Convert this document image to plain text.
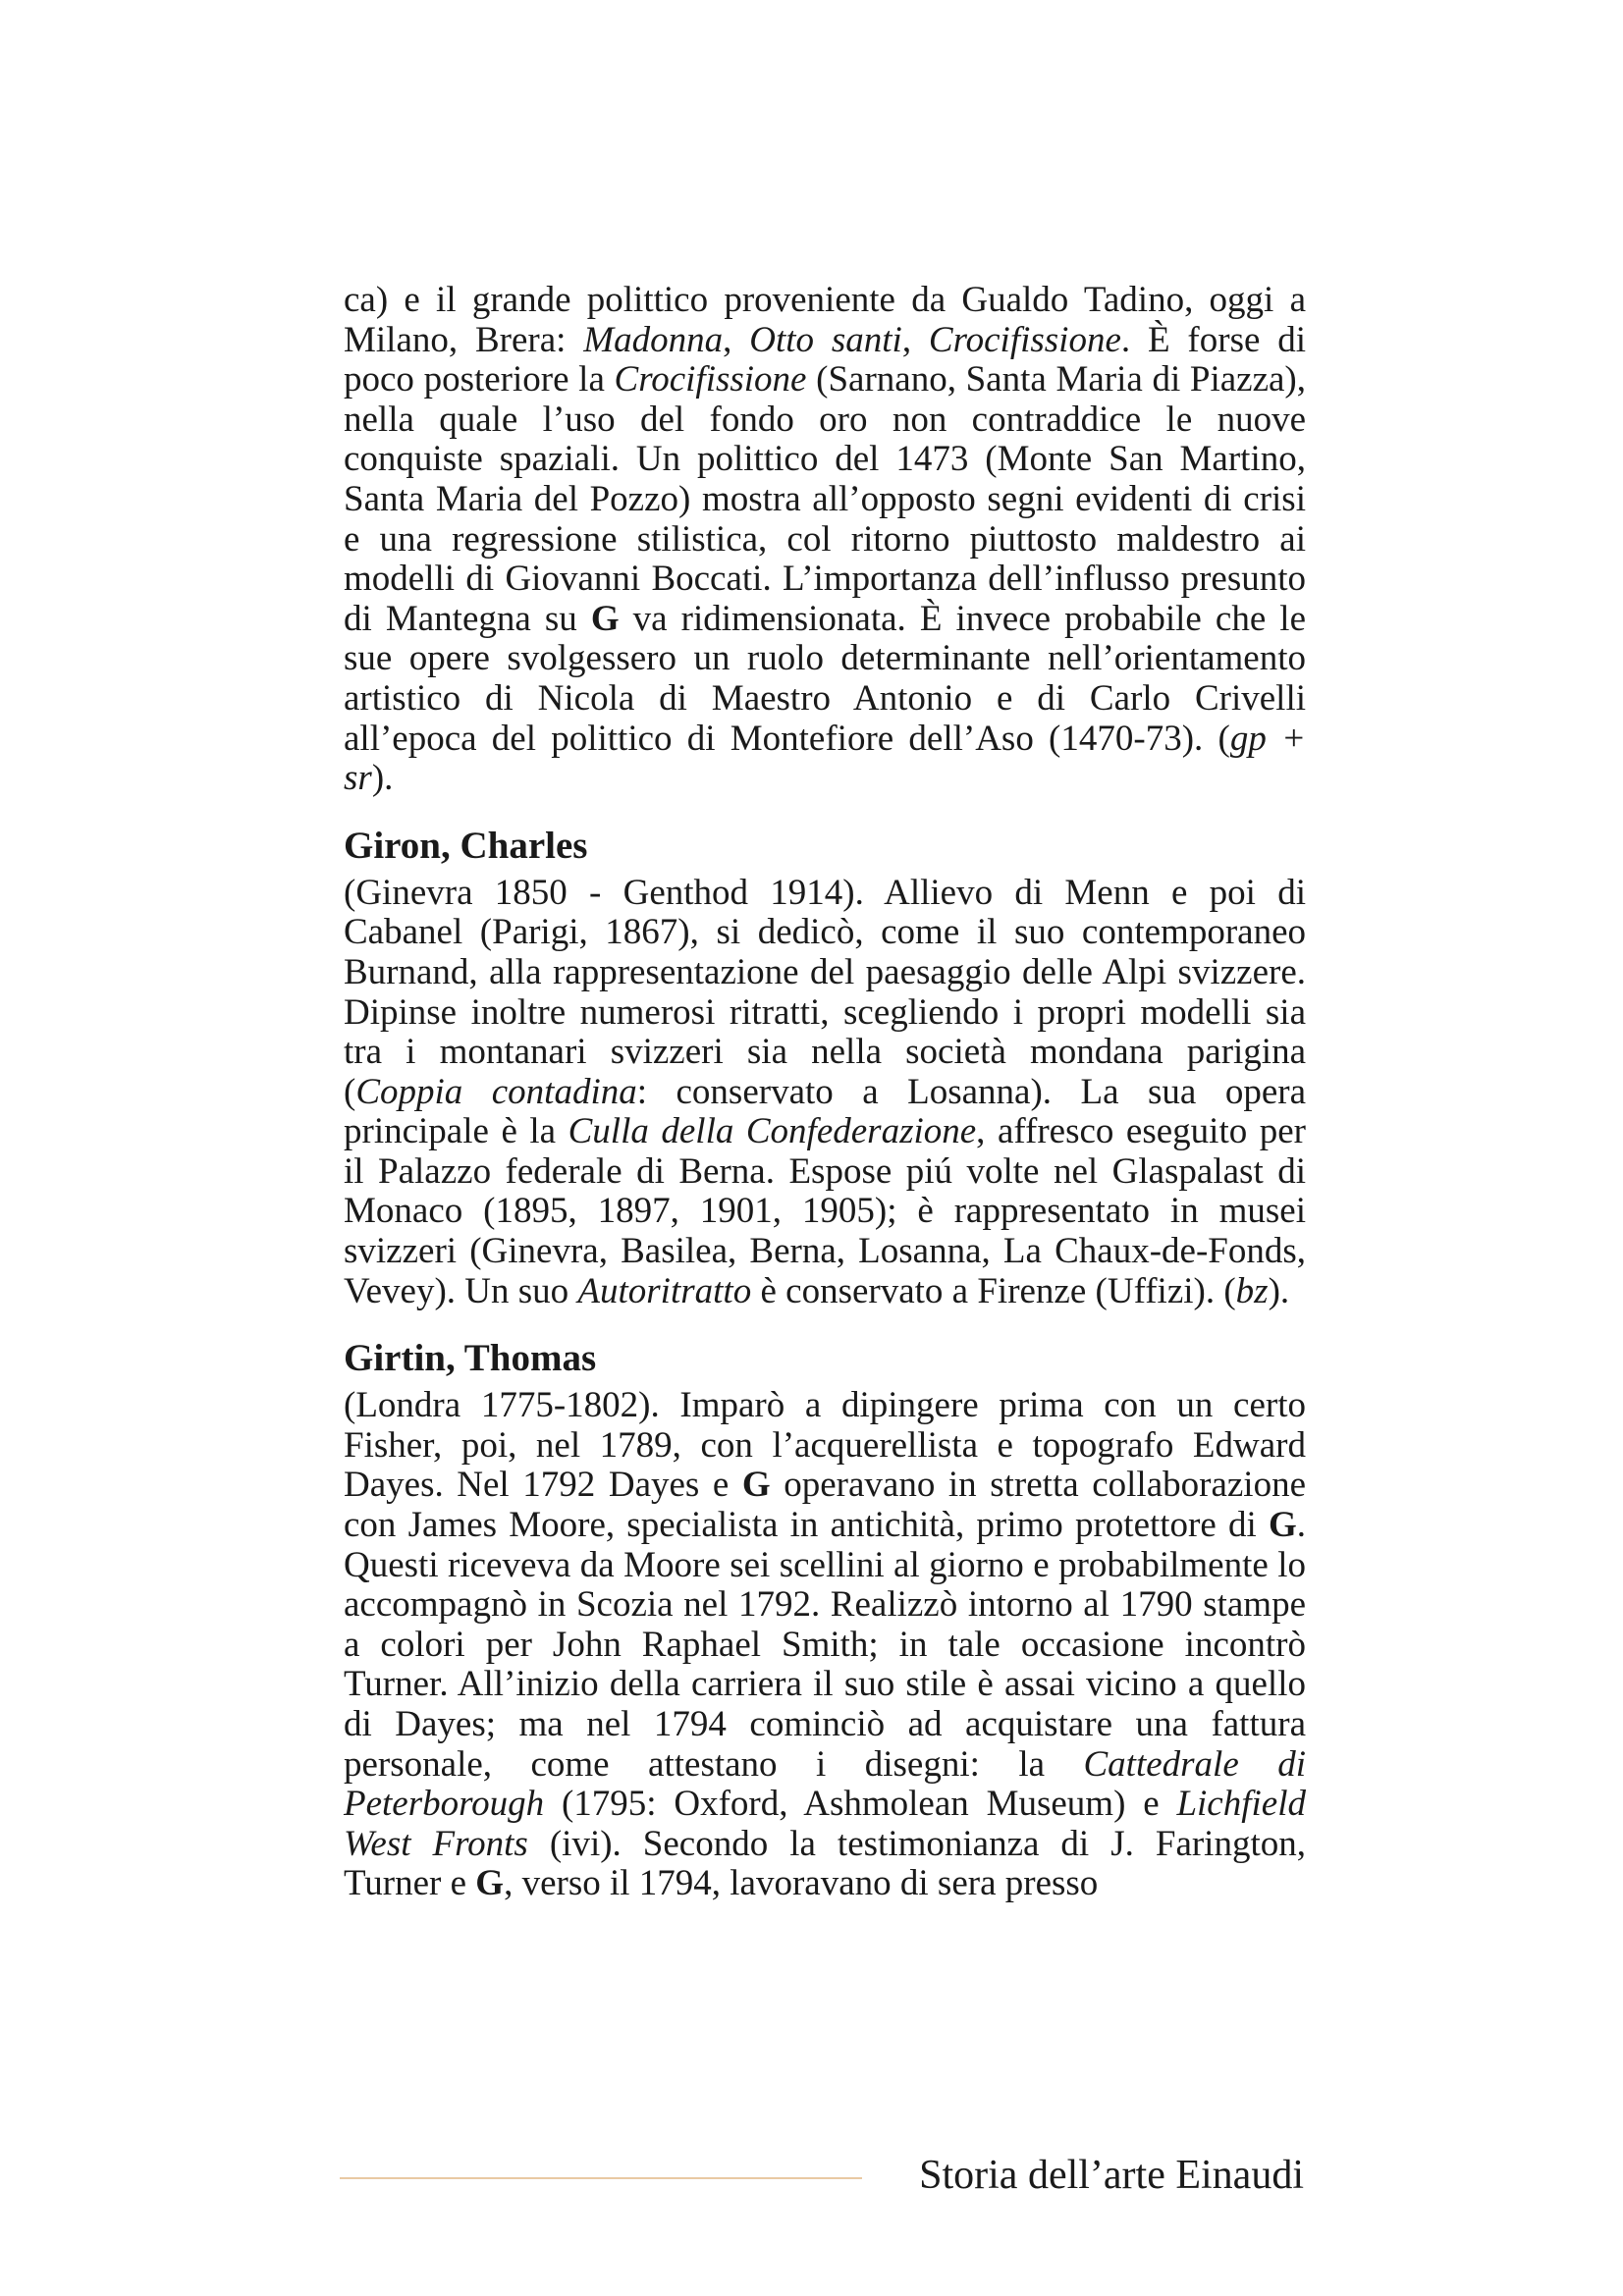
ca) e il grande polittico proveniente da Gualdo Tadino, oggi a Milano, Brera: Madonna, Otto santi, Crocifissione. È forse di poco posteriore la Crocifissione (Sarnano, Santa Maria di Piazza), nella quale l’uso del fondo oro non contraddice le nuove conquiste spaziali. Un polittico del 1473 (Monte San Martino, Santa Maria del Pozzo) mostra all’opposto segni evidenti di crisi e una regressione stilistica, col ritorno piuttosto maldestro ai modelli di Giovanni Boccati. L’importanza dell’influsso presunto di Mantegna su G va ridimensionata. È invece probabile che le sue opere svolgessero un ruolo determinante nell’orientamento artistico di Nicola di Maestro Antonio e di Carlo Crivelli all’epoca del polittico di Montefiore dell’Aso (1470-73). (gp + sr).

Giron, Charles

(Ginevra 1850 - Genthod 1914). Allievo di Menn e poi di Cabanel (Parigi, 1867), si dedicò, come il suo contemporaneo Burnand, alla rappresentazione del paesaggio delle Alpi svizzere. Dipinse inoltre numerosi ritratti, scegliendo i propri modelli sia tra i montanari svizzeri sia nella società mondana parigina (Coppia contadina: conservato a Losanna). La sua opera principale è la Culla della Confederazione, affresco eseguito per il Palazzo federale di Berna. Espose piú volte nel Glaspalast di Monaco (1895, 1897, 1901, 1905); è rappresentato in musei svizzeri (Ginevra, Basilea, Berna, Losanna, La Chaux-de-Fonds, Vevey). Un suo Autoritratto è conservato a Firenze (Uffizi). (bz).

Girtin, Thomas

(Londra 1775-1802). Imparò a dipingere prima con un certo Fisher, poi, nel 1789, con l’acquerellista e topografo Edward Dayes. Nel 1792 Dayes e G operavano in stretta collaborazione con James Moore, specialista in antichità, primo protettore di G. Questi riceveva da Moore sei scellini al giorno e probabilmente lo accompagnò in Scozia nel 1792. Realizzò intorno al 1790 stampe a colori per John Raphael Smith; in tale occasione incontrò Turner. All’inizio della carriera il suo stile è assai vicino a quello di Dayes; ma nel 1794 cominciò ad acquistare una fattura personale, come attestano i disegni: la Cattedrale di Peterborough (1795: Oxford, Ashmolean Museum) e Lichfield West Fronts (ivi). Secondo la testimonianza di J. Farington, Turner e G, verso il 1794, lavoravano di sera presso

Storia dell’arte Einaudi
